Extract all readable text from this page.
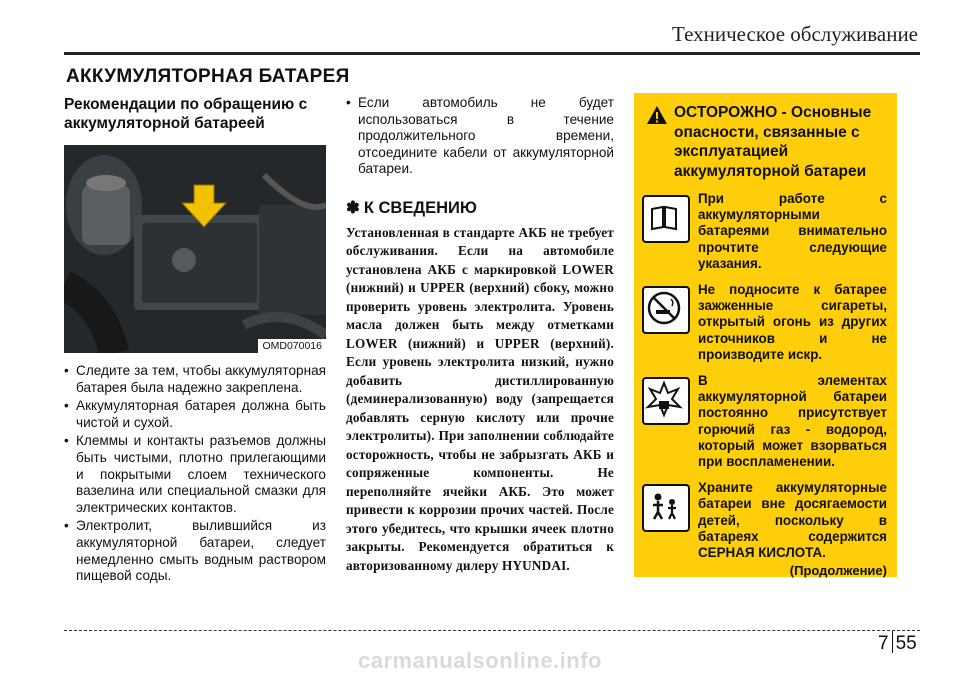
Техническое обслуживание
АККУМУЛЯТОРНАЯ БАТАРЕЯ
Рекомендации по обращению с аккумуляторной батареей
OMD070016
• Следите за тем, чтобы аккумуляторная батарея была надежно закреплена.
• Аккумуляторная батарея должна быть чистой и сухой.
• Клеммы и контакты разъемов должны быть чистыми, плотно прилегающими и покрытыми слоем технического вазелина или специальной смазки для электрических контактов.
• Электролит, вылившийся из аккумуляторной батареи, следует немедленно смыть водным раствором пищевой соды.
• Если автомобиль не будет использоваться в течение продолжительного времени, отсоедините кабели от аккумуляторной батареи.
✽ К СВЕДЕНИЮ
Установленная в стандарте АКБ не требует обслуживания. Если на автомобиле установлена АКБ с маркировкой LOWER (нижний) и UPPER (верхний) сбоку, можно проверить уровень электролита. Уровень масла должен быть между отметками LOWER (нижний) и UPPER (верхний). Если уровень электролита низкий, нужно добавить дистиллированную (деминерализованную) воду (запрещается добавлять серную кислоту или прочие электролиты). При заполнении соблюдайте осторожность, чтобы не забрызгать АКБ и сопряженные компоненты. Не переполняйте ячейки АКБ. Это может привести к коррозии прочих частей. После этого убедитесь, что крышки ячеек плотно закрыты. Рекомендуется обратиться к авторизованному дилеру HYUNDAI.
ОСТОРОЖНО - Основные опасности, связанные с эксплуатацией аккумуляторной батареи
При работе с аккумуляторными батареями внимательно прочтите следующие указания.
Не подносите к батарее зажженные сигареты, открытый огонь из других источников и не производите искр.
В элементах аккумуляторной батареи постоянно присутствует горючий газ - водород, который может взорваться при воспламенении.
Храните аккумуляторные батареи вне досягаемости детей, поскольку в батареях содержится СЕРНАЯ КИСЛОТА.
(Продолжение)
7 55
carmanualsonline.info
